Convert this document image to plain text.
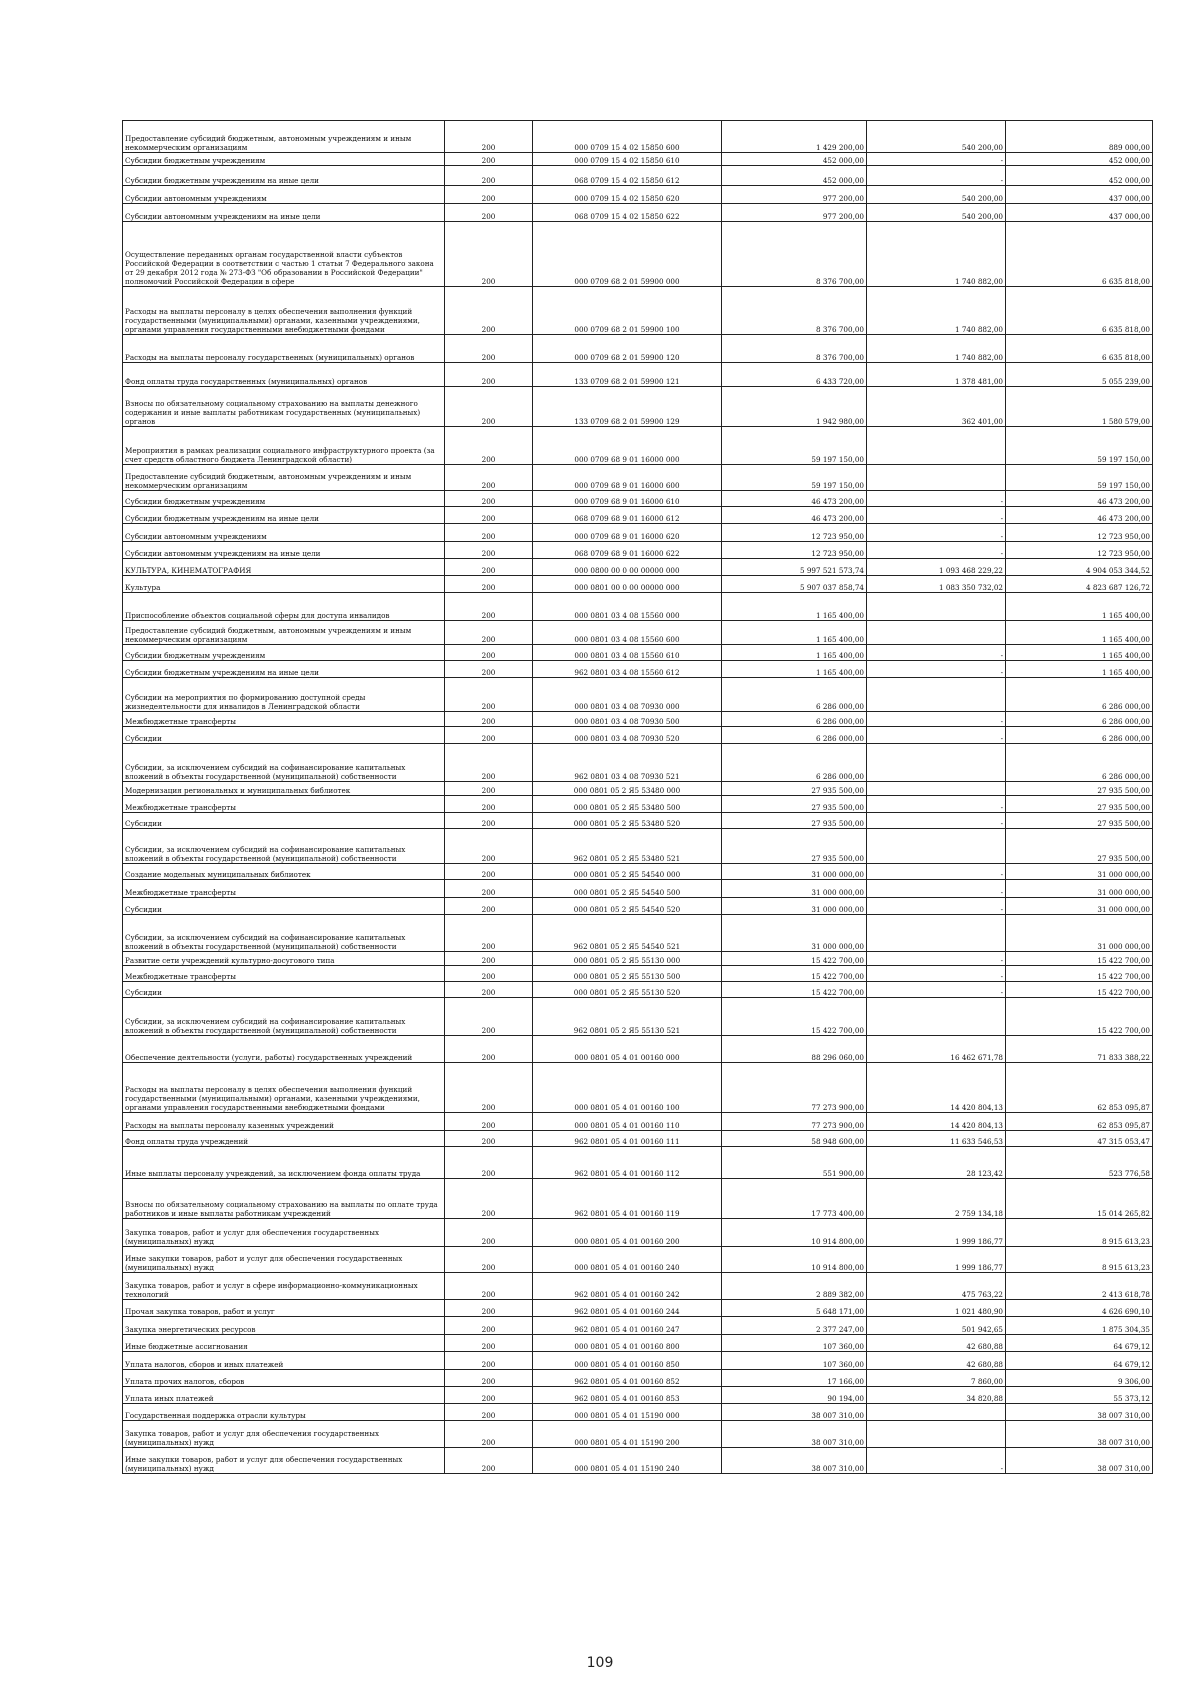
Предоставление субсидий бюджетным, автономным учреждениям и иным некоммерческим организациям	200	000 0709 15 4 02 15850 600	1 429 200,00	540 200,00	889 000,00
Субсидии бюджетным учреждениям	200	000 0709 15 4 02 15850 610	452 000,00	-	452 000,00
Субсидии бюджетным учреждениям на иные цели	200	068 0709 15 4 02 15850 612	452 000,00	-	452 000,00
Субсидии автономным учреждениям	200	000 0709 15 4 02 15850 620	977 200,00	540 200,00	437 000,00
Субсидии автономным учреждениям на иные цели	200	068 0709 15 4 02 15850 622	977 200,00	540 200,00	437 000,00
Осуществление переданных органам государственной власти субъектов Российской Федерации в соответствии с частью 1 статьи 7 Федерального закона от 29 декабря 2012 года № 273-ФЗ "Об образовании в Российской Федерации" полномочий Российской Федерации в сфере	200	000 0709 68 2 01 59900 000	8 376 700,00	1 740 882,00	6 635 818,00
Расходы на выплаты персоналу в целях обеспечения выполнения функций государственными (муниципальными) органами, казенными учреждениями, органами управления государственными внебюджетными фондами	200	000 0709 68 2 01 59900 100	8 376 700,00	1 740 882,00	6 635 818,00
Расходы на выплаты персоналу государственных (муниципальных) органов	200	000 0709 68 2 01 59900 120	8 376 700,00	1 740 882,00	6 635 818,00
Фонд оплаты труда государственных (муниципальных) органов	200	133 0709 68 2 01 59900 121	6 433 720,00	1 378 481,00	5 055 239,00
Взносы по обязательному социальному страхованию на выплаты денежного содержания и иные выплаты работникам государственных (муниципальных) органов	200	133 0709 68 2 01 59900 129	1 942 980,00	362 401,00	1 580 579,00
Мероприятия в рамках реализации социального инфраструктурного проекта (за счет средств областного бюджета Ленинградской области)	200	000 0709 68 9 01 16000 000	59 197 150,00		59 197 150,00
Предоставление субсидий бюджетным, автономным учреждениям и иным некоммерческим организациям	200	000 0709 68 9 01 16000 600	59 197 150,00		59 197 150,00
Субсидии бюджетным учреждениям	200	000 0709 68 9 01 16000 610	46 473 200,00	-	46 473 200,00
Субсидии бюджетным учреждениям на иные цели	200	068 0709 68 9 01 16000 612	46 473 200,00	-	46 473 200,00
Субсидии автономным учреждениям	200	000 0709 68 9 01 16000 620	12 723 950,00	-	12 723 950,00
Субсидии автономным учреждениям на иные цели	200	068 0709 68 9 01 16000 622	12 723 950,00	-	12 723 950,00
КУЛЬТУРА, КИНЕМАТОГРАФИЯ	200	000 0800 00 0 00 00000 000	5 997 521 573,74	1 093 468 229,22	4 904 053 344,52
Культура	200	000 0801 00 0 00 00000 000	5 907 037 858,74	1 083 350 732,02	4 823 687 126,72
Приспособление объектов социальной сферы для доступа инвалидов	200	000 0801 03 4 08 15560 000	1 165 400,00		1 165 400,00
Предоставление субсидий бюджетным, автономным учреждениям и иным некоммерческим организациям	200	000 0801 03 4 08 15560 600	1 165 400,00		1 165 400,00
Субсидии бюджетным учреждениям	200	000 0801 03 4 08 15560 610	1 165 400,00	-	1 165 400,00
Субсидии бюджетным учреждениям на иные цели	200	962 0801 03 4 08 15560 612	1 165 400,00	-	1 165 400,00
Субсидии на мероприятия по формированию доступной среды жизнедеятельности для инвалидов в Ленинградской области	200	000 0801 03 4 08 70930 000	6 286 000,00		6 286 000,00
Межбюджетные трансферты	200	000 0801 03 4 08 70930 500	6 286 000,00	-	6 286 000,00
Субсидии	200	000 0801 03 4 08 70930 520	6 286 000,00	-	6 286 000,00
Субсидии, за исключением субсидий на софинансирование капитальных вложений в объекты государственной (муниципальной) собственности	200	962 0801 03 4 08 70930 521	6 286 000,00		6 286 000,00
Модернизация региональных и муниципальных библиотек	200	000 0801 05 2 Я5 53480 000	27 935 500,00		27 935 500,00
Межбюджетные трансферты	200	000 0801 05 2 Я5 53480 500	27 935 500,00	-	27 935 500,00
Субсидии	200	000 0801 05 2 Я5 53480 520	27 935 500,00	-	27 935 500,00
Субсидии, за исключением субсидий на софинансирование капитальных вложений в объекты государственной (муниципальной) собственности	200	962 0801 05 2 Я5 53480 521	27 935 500,00		27 935 500,00
Создание модельных муниципальных библиотек	200	000 0801 05 2 Я5 54540 000	31 000 000,00	-	31 000 000,00
Межбюджетные трансферты	200	000 0801 05 2 Я5 54540 500	31 000 000,00	-	31 000 000,00
Субсидии	200	000 0801 05 2 Я5 54540 520	31 000 000,00	-	31 000 000,00
Субсидии, за исключением субсидий на софинансирование капитальных вложений в объекты государственной (муниципальной) собственности	200	962 0801 05 2 Я5 54540 521	31 000 000,00		31 000 000,00
Развитие сети учреждений культурно-досугового типа	200	000 0801 05 2 Я5 55130 000	15 422 700,00	-	15 422 700,00
Межбюджетные трансферты	200	000 0801 05 2 Я5 55130 500	15 422 700,00	-	15 422 700,00
Субсидии	200	000 0801 05 2 Я5 55130 520	15 422 700,00	-	15 422 700,00
Субсидии, за исключением субсидий на софинансирование капитальных вложений в объекты государственной (муниципальной) собственности	200	962 0801 05 2 Я5 55130 521	15 422 700,00		15 422 700,00
Обеспечение деятельности (услуги, работы) государственных учреждений	200	000 0801 05 4 01 00160 000	88 296 060,00	16 462 671,78	71 833 388,22
Расходы на выплаты персоналу в целях обеспечения выполнения функций государственными (муниципальными) органами, казенными учреждениями, органами управления государственными внебюджетными фондами	200	000 0801 05 4 01 00160 100	77 273 900,00	14 420 804,13	62 853 095,87
Расходы на выплаты персоналу казенных учреждений	200	000 0801 05 4 01 00160 110	77 273 900,00	14 420 804,13	62 853 095,87
Фонд оплаты труда учреждений	200	962 0801 05 4 01 00160 111	58 948 600,00	11 633 546,53	47 315 053,47
Иные выплаты персоналу учреждений, за исключением фонда оплаты труда	200	962 0801 05 4 01 00160 112	551 900,00	28 123,42	523 776,58
Взносы по обязательному социальному страхованию на выплаты по оплате труда работников и иные выплаты работникам учреждений	200	962 0801 05 4 01 00160 119	17 773 400,00	2 759 134,18	15 014 265,82
Закупка товаров, работ и услуг для обеспечения государственных (муниципальных) нужд	200	000 0801 05 4 01 00160 200	10 914 800,00	1 999 186,77	8 915 613,23
Иные закупки товаров, работ и услуг для обеспечения государственных (муниципальных) нужд	200	000 0801 05 4 01 00160 240	10 914 800,00	1 999 186,77	8 915 613,23
Закупка товаров, работ и услуг в сфере информационно-коммуникационных технологий	200	962 0801 05 4 01 00160 242	2 889 382,00	475 763,22	2 413 618,78
Прочая закупка товаров, работ и услуг	200	962 0801 05 4 01 00160 244	5 648 171,00	1 021 480,90	4 626 690,10
Закупка энергетических ресурсов	200	962 0801 05 4 01 00160 247	2 377 247,00	501 942,65	1 875 304,35
Иные бюджетные ассигнования	200	000 0801 05 4 01 00160 800	107 360,00	42 680,88	64 679,12
Уплата налогов, сборов и иных платежей	200	000 0801 05 4 01 00160 850	107 360,00	42 680,88	64 679,12
Уплата прочих налогов, сборов	200	962 0801 05 4 01 00160 852	17 166,00	7 860,00	9 306,00
Уплата иных платежей	200	962 0801 05 4 01 00160 853	90 194,00	34 820,88	55 373,12
Государственная поддержка отрасли культуры	200	000 0801 05 4 01 15190 000	38 007 310,00		38 007 310,00
Закупка товаров, работ и услуг для обеспечения государственных (муниципальных) нужд	200	000 0801 05 4 01 15190 200	38 007 310,00		38 007 310,00
Иные закупки товаров, работ и услуг для обеспечения государственных (муниципальных) нужд	200	000 0801 05 4 01 15190 240	38 007 310,00	-	38 007 310,00
109
